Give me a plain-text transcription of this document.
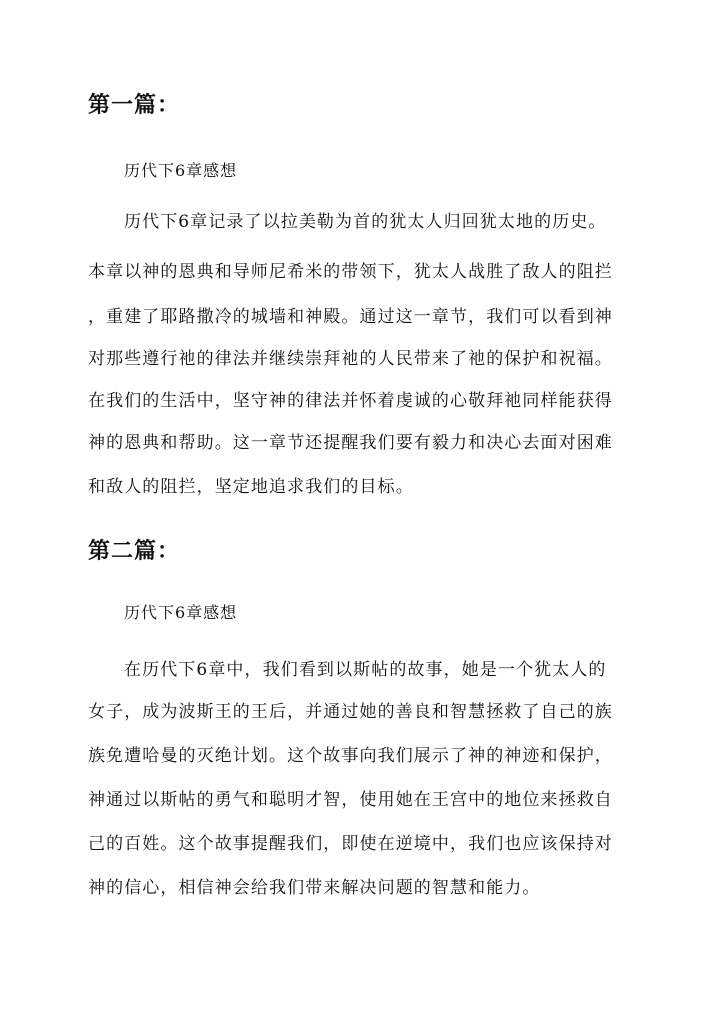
第一篇：

历代下6章感想

历代下6章记录了以拉美勒为首的犹太人归回犹太地的历史。

本章以神的恩典和导师尼希米的带领下，犹太人战胜了敌人的阻拦

，重建了耶路撒冷的城墙和神殿。通过这一章节，我们可以看到神

对那些遵行祂的律法并继续崇拜祂的人民带来了祂的保护和祝福。

在我们的生活中，坚守神的律法并怀着虔诚的心敬拜祂同样能获得

神的恩典和帮助。这一章节还提醒我们要有毅力和决心去面对困难

和敌人的阻拦，坚定地追求我们的目标。

第二篇：

历代下6章感想

在历代下6章中，我们看到以斯帖的故事，她是一个犹太人的

女子，成为波斯王的王后，并通过她的善良和智慧拯救了自己的族

族免遭哈曼的灭绝计划。这个故事向我们展示了神的神迹和保护，

神通过以斯帖的勇气和聪明才智，使用她在王宫中的地位来拯救自

己的百姓。这个故事提醒我们，即使在逆境中，我们也应该保持对

神的信心，相信神会给我们带来解决问题的智慧和能力。
